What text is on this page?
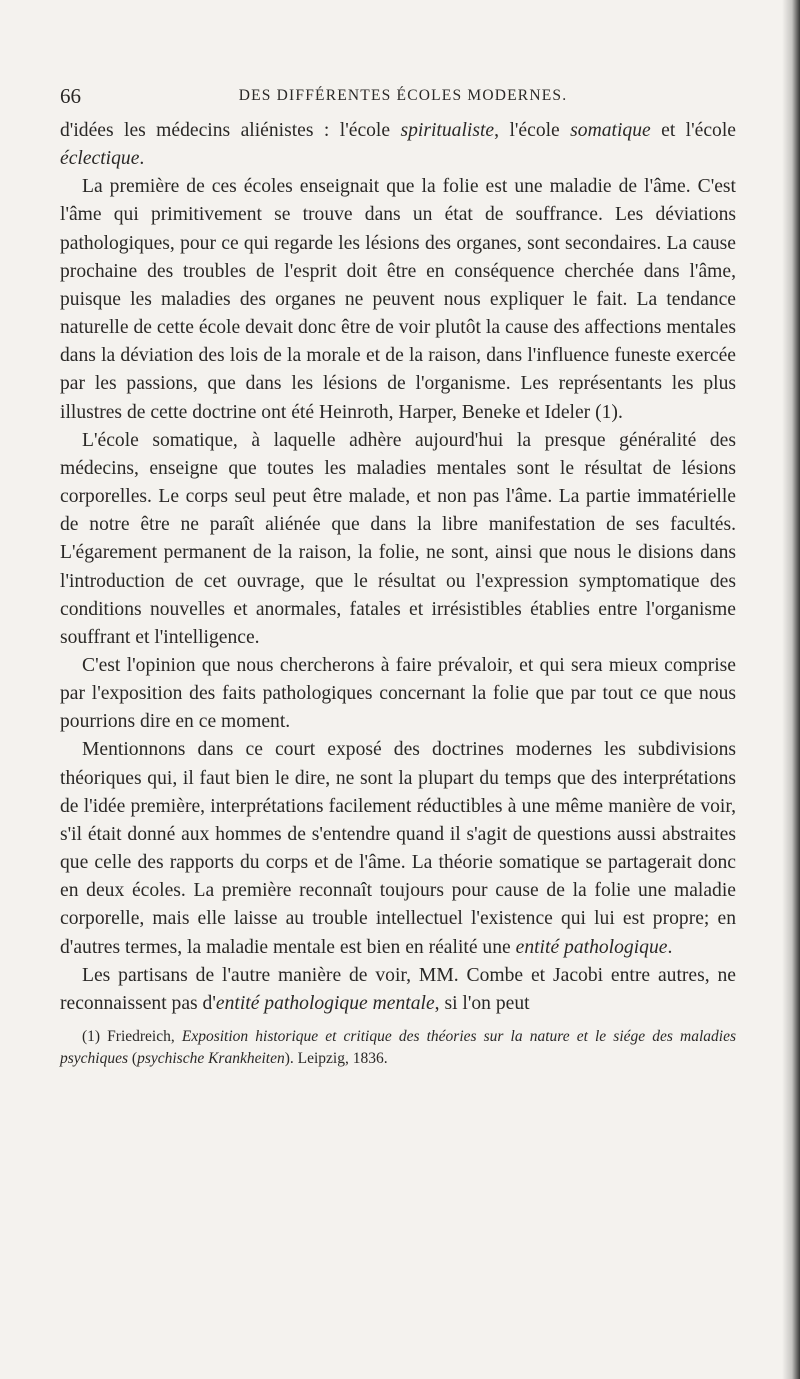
66	DES DIFFÉRENTES ÉCOLES MODERNES.

d'idées les médecins aliénistes : l'école spiritualiste, l'école somatique et l'école éclectique.

La première de ces écoles enseignait que la folie est une maladie de l'âme. C'est l'âme qui primitivement se trouve dans un état de souffrance. Les déviations pathologiques, pour ce qui regarde les lésions des organes, sont secondaires. La cause prochaine des troubles de l'esprit doit être en conséquence cherchée dans l'âme, puisque les maladies des organes ne peuvent nous expliquer le fait. La tendance naturelle de cette école devait donc être de voir plutôt la cause des affections mentales dans la déviation des lois de la morale et de la raison, dans l'influence funeste exercée par les passions, que dans les lésions de l'organisme. Les représentants les plus illustres de cette doctrine ont été Heinroth, Harper, Beneke et Ideler (1).

L'école somatique, à laquelle adhère aujourd'hui la presque généralité des médecins, enseigne que toutes les maladies mentales sont le résultat de lésions corporelles. Le corps seul peut être malade, et non pas l'âme. La partie immatérielle de notre être ne paraît aliénée que dans la libre manifestation de ses facultés. L'égarement permanent de la raison, la folie, ne sont, ainsi que nous le disions dans l'introduction de cet ouvrage, que le résultat ou l'expression symptomatique des conditions nouvelles et anormales, fatales et irrésistibles établies entre l'organisme souffrant et l'intelligence.

C'est l'opinion que nous chercherons à faire prévaloir, et qui sera mieux comprise par l'exposition des faits pathologiques concernant la folie que par tout ce que nous pourrions dire en ce moment.

Mentionnons dans ce court exposé des doctrines modernes les subdivisions théoriques qui, il faut bien le dire, ne sont la plupart du temps que des interprétations de l'idée première, interprétations facilement réductibles à une même manière de voir, s'il était donné aux hommes de s'entendre quand il s'agit de questions aussi abstraites que celle des rapports du corps et de l'âme. La théorie somatique se partagerait donc en deux écoles. La première reconnaît toujours pour cause de la folie une maladie corporelle, mais elle laisse au trouble intellectuel l'existence qui lui est propre; en d'autres termes, la maladie mentale est bien en réalité une entité pathologique.

Les partisans de l'autre manière de voir, MM. Combe et Jacobi entre autres, ne reconnaissent pas d'entité pathologique mentale, si l'on peut

(1) Friedreich, Exposition historique et critique des théories sur la nature et le siége des maladies psychiques (psychische Krankheiten). Leipzig, 1836.
